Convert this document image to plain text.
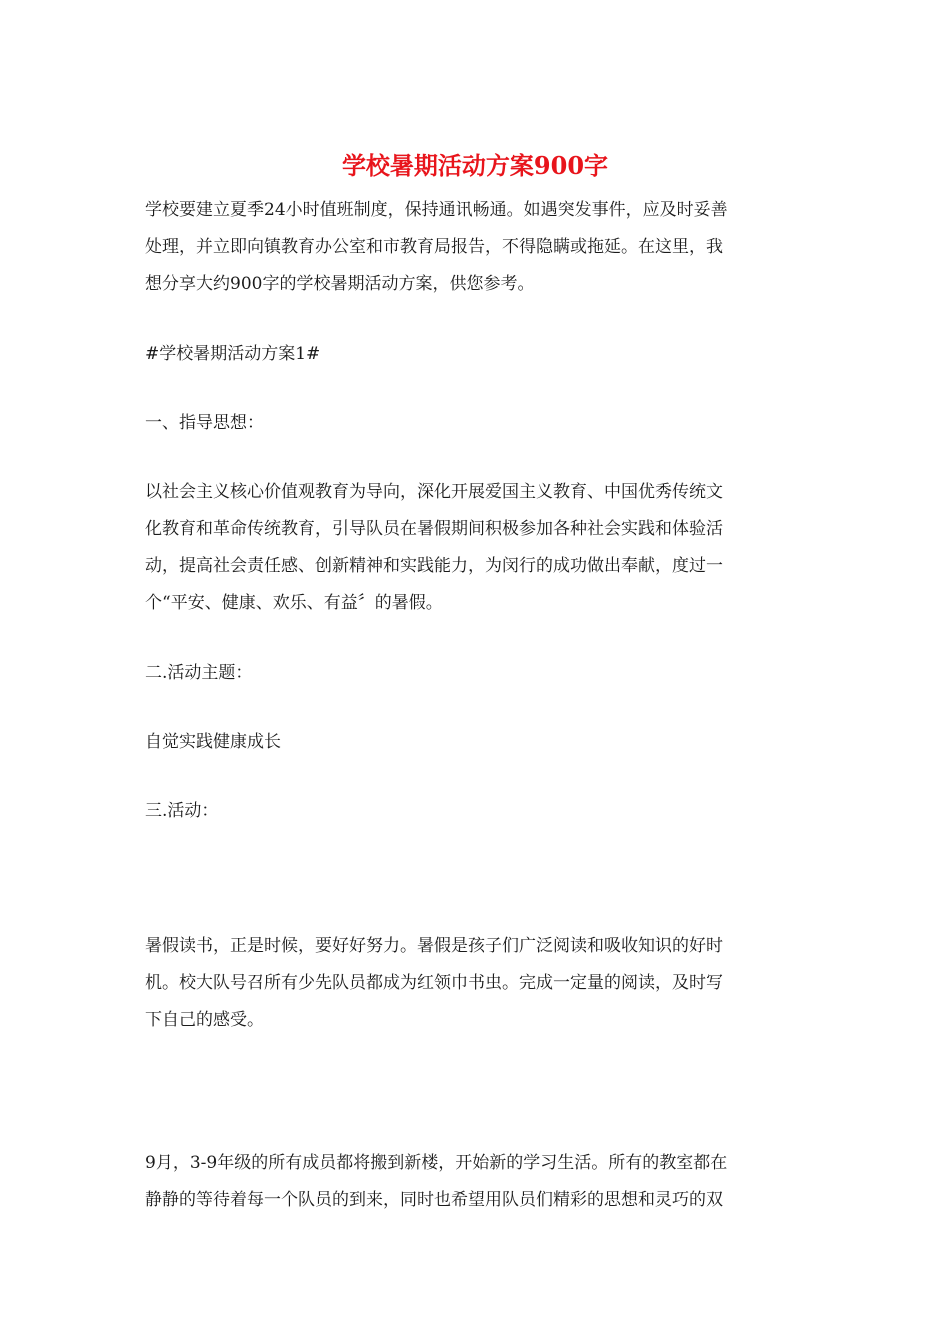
学校暑期活动方案900字

学校要建立夏季24小时值班制度，保持通讯畅通。如遇突发事件，应及时妥善
处理，并立即向镇教育办公室和市教育局报告，不得隐瞒或拖延。在这里，我
想分享大约900字的学校暑期活动方案，供您参考。

#学校暑期活动方案1#

一、指导思想：

以社会主义核心价值观教育为导向，深化开展爱国主义教育、中国优秀传统文
化教育和革命传统教育，引导队员在暑假期间积极参加各种社会实践和体验活
动，提高社会责任感、创新精神和实践能力，为闵行的成功做出奉献，度过一
个“平安、健康、欢乐、有益〞的暑假。

二.活动主题：

自觉实践健康成长

三.活动：

暑假读书，正是时候，要好好努力。暑假是孩子们广泛阅读和吸收知识的好时
机。校大队号召所有少先队员都成为红领巾书虫。完成一定量的阅读，及时写
下自己的感受。

9月，3-9年级的所有成员都将搬到新楼，开始新的学习生活。所有的教室都在
静静的等待着每一个队员的到来，同时也希望用队员们精彩的思想和灵巧的双
